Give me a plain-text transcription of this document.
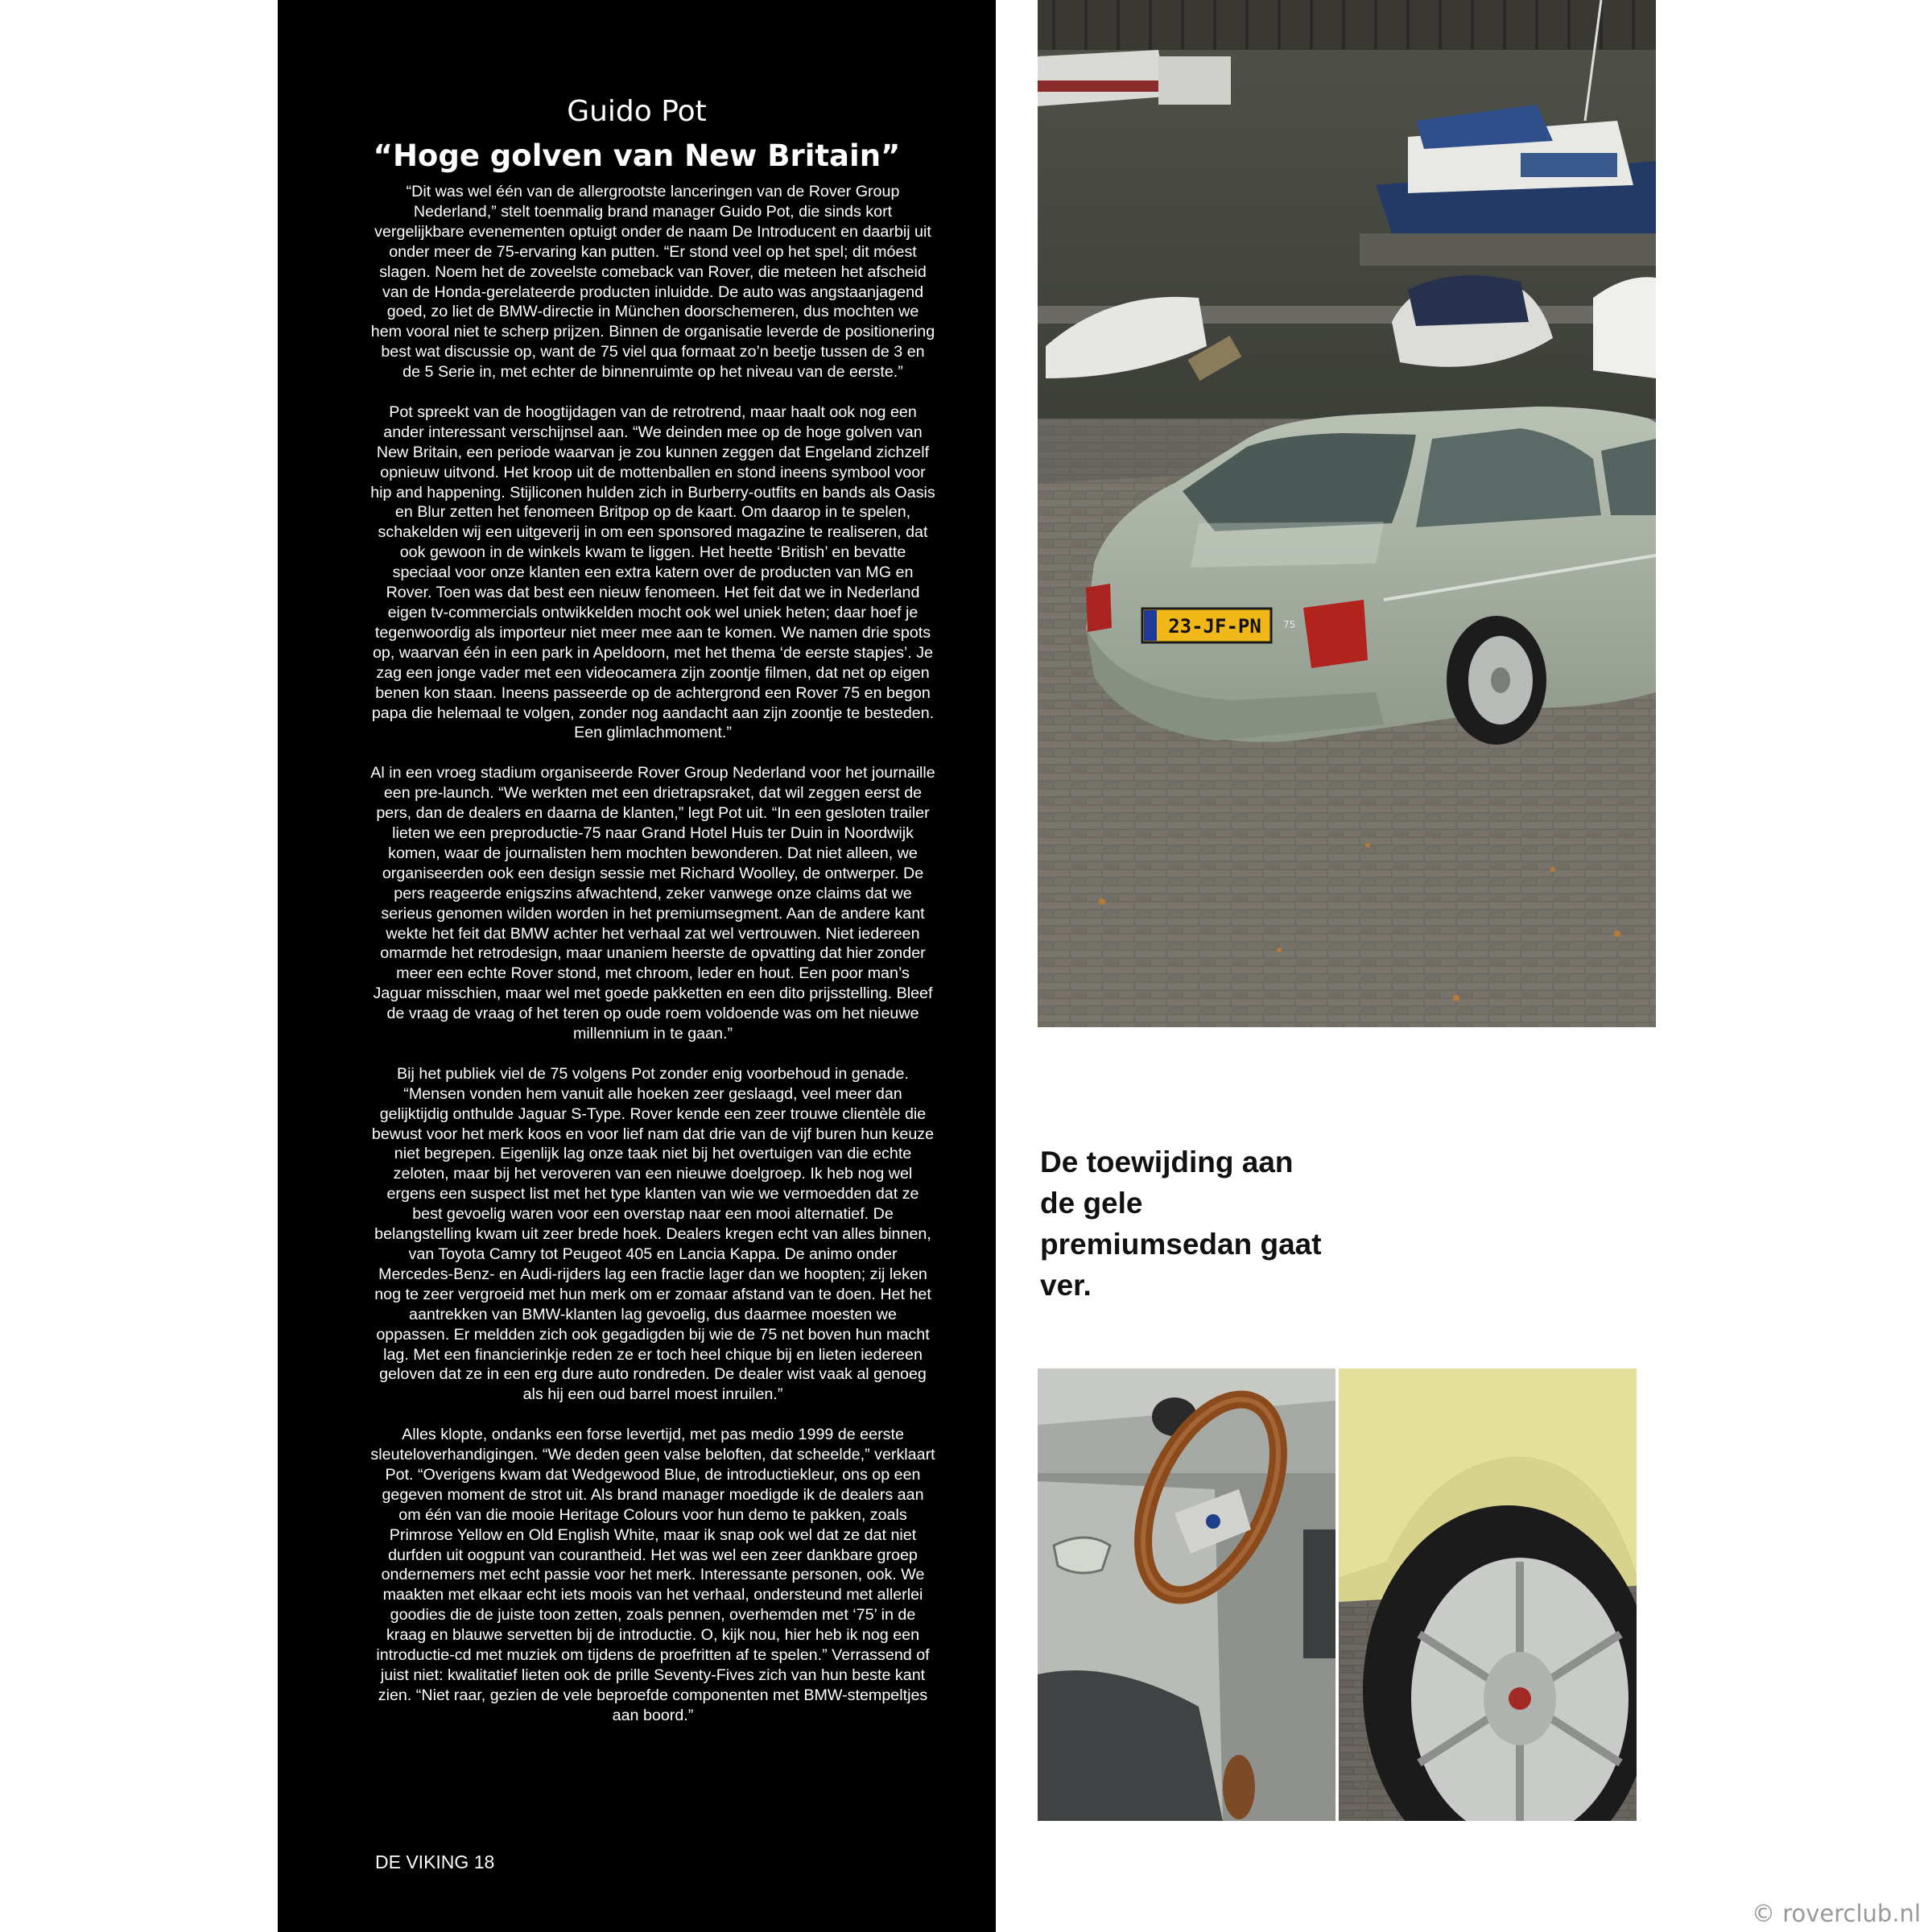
Guido Pot
“Hoge golven van New Britain”

“Dit was wel één van de allergrootste lanceringen van de Rover Group Nederland,” stelt toenmalig brand manager Guido Pot, die sinds kort vergelijkbare evenementen optuigt onder de naam De Introducent en daarbij uit onder meer de 75-ervaring kan putten. “Er stond veel op het spel; dit móest slagen. Noem het de zoveelste comeback van Rover, die meteen het afscheid van de Honda-gerelateerde producten inluidde. De auto was angstaanjagend goed, zo liet de BMW-directie in München doorschemeren, dus mochten we hem vooral niet te scherp prijzen. Binnen de organisatie leverde de positionering best wat discussie op, want de 75 viel qua formaat zo’n beetje tussen de 3 en de 5 Serie in, met echter de binnenruimte op het niveau van de eerste.”

Pot spreekt van de hoogtijdagen van de retrotrend, maar haalt ook nog een ander interessant verschijnsel aan. “We deinden mee op de hoge golven van New Britain, een periode waarvan je zou kunnen zeggen dat Engeland zichzelf opnieuw uitvond. Het kroop uit de mottenballen en stond ineens symbool voor hip and happening. Stijliconen hulden zich in Burberry-outfits en bands als Oasis en Blur zetten het fenomeen Britpop op de kaart. Om daarop in te spelen, schakelden wij een uitgeverij in om een sponsored magazine te realiseren, dat ook gewoon in de winkels kwam te liggen. Het heette ‘British’ en bevatte speciaal voor onze klanten een extra katern over de producten van MG en Rover. Toen was dat best een nieuw fenomeen. Het feit dat we in Nederland eigen tv-commercials ontwikkelden mocht ook wel uniek heten; daar hoef je tegenwoordig als importeur niet meer mee aan te komen. We namen drie spots op, waarvan één in een park in Apeldoorn, met het thema ‘de eerste stapjes’. Je zag een jonge vader met een videocamera zijn zoontje filmen, dat net op eigen benen kon staan. Ineens passeerde op de achtergrond een Rover 75 en begon papa die helemaal te volgen, zonder nog aandacht aan zijn zoontje te besteden. Een glimlachmoment.”

Al in een vroeg stadium organiseerde Rover Group Nederland voor het journaille een pre-launch. “We werkten met een drietrapsraket, dat wil zeggen eerst de pers, dan de dealers en daarna de klanten,” legt Pot uit. “In een gesloten trailer lieten we een preproductie-75 naar Grand Hotel Huis ter Duin in Noordwijk komen, waar de journalisten hem mochten bewonderen. Dat niet alleen, we organiseerden ook een design sessie met Richard Woolley, de ontwerper. De pers reageerde enigszins afwachtend, zeker vanwege onze claims dat we serieus genomen wilden worden in het premiumsegment. Aan de andere kant wekte het feit dat BMW achter het verhaal zat wel vertrouwen. Niet iedereen omarmde het retrodesign, maar unaniem heerste de opvatting dat hier zonder meer een echte Rover stond, met chroom, leder en hout. Een poor man’s Jaguar misschien, maar wel met goede pakketten en een dito prijsstelling. Bleef de vraag de vraag of het teren op oude roem voldoende was om het nieuwe millennium in te gaan.”

Bij het publiek viel de 75 volgens Pot zonder enig voorbehoud in genade. “Mensen vonden hem vanuit alle hoeken zeer geslaagd, veel meer dan gelijktijdig onthulde Jaguar S-Type. Rover kende een zeer trouwe clientèle die bewust voor het merk koos en voor lief nam dat drie van de vijf buren hun keuze niet begrepen. Eigenlijk lag onze taak niet bij het overtuigen van die echte zeloten, maar bij het veroveren van een nieuwe doelgroep. Ik heb nog wel ergens een suspect list met het type klanten van wie we vermoedden dat ze best gevoelig waren voor een overstap naar een mooi alternatief. De belangstelling kwam uit zeer brede hoek. Dealers kregen echt van alles binnen, van Toyota Camry tot Peugeot 405 en Lancia Kappa. De animo onder Mercedes-Benz- en Audi-rijders lag een fractie lager dan we hoopten; zij leken nog te zeer vergroeid met hun merk om er zomaar afstand van te doen. Het het aantrekken van BMW-klanten lag gevoelig, dus daarmee moesten we oppassen. Er meldden zich ook gegadigden bij wie de 75 net boven hun macht lag. Met een financierinkje reden ze er toch heel chique bij en lieten iedereen geloven dat ze in een erg dure auto rondreden. De dealer wist vaak al genoeg als hij een oud barrel moest inruilen.”

Alles klopte, ondanks een forse levertijd, met pas medio 1999 de eerste sleuteloverhandigingen. “We deden geen valse beloften, dat scheelde,” verklaart Pot. “Overigens kwam dat Wedgewood Blue, de introductiekleur, ons op een gegeven moment de strot uit. Als brand manager moedigde ik de dealers aan om één van die mooie Heritage Colours voor hun demo te pakken, zoals Primrose Yellow en Old English White, maar ik snap ook wel dat ze dat niet durfden uit oogpunt van courantheid. Het was wel een zeer dankbare groep ondernemers met echt passie voor het merk. Interessante personen, ook. We maakten met elkaar echt iets moois van het verhaal, ondersteund met allerlei goodies die de juiste toon zetten, zoals pennen, overhemden met ‘75’ in de kraag en blauwe servetten bij de introductie. O, kijk nou, hier heb ik nog een introductie-cd met muziek om tijdens de proefritten af te spelen.” Verrassend of juist niet: kwalitatief lieten ook de prille Seventy-Fives zich van hun beste kant zien. “Niet raar, gezien de vele beproefde componenten met BMW-stempeltjes aan boord.”

DE VIKING 18
23-JF-PN 75
De toewijding aan de gele premiumsedan gaat ver.
© roverclub.nl
